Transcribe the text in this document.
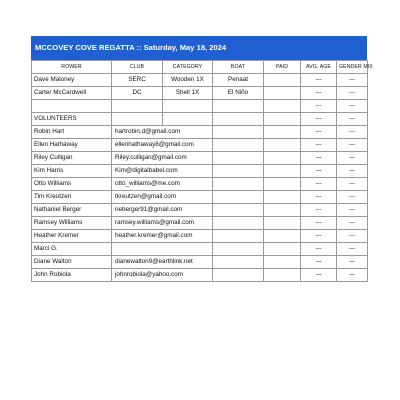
MCCOVEY COVE REGATTA :: Saturday, May 18, 2024
ROWER	CLUB	CATEGORY	BOAT	PAID	AVG. AGE	GENDER MIX
Dave Maloney	SERC	Wooden 1X	Penaat		---	---
Carter McCardwell	DC	Shell 1X	El Niño		---	---
					---	---
VOLUNTEERS					---	---
Robin Hart	hartrobin.d@gmail.com				---	---
Ellen Hathaway	ellenhathaway8@gmail.com				---	---
Riley Culligan	Riley.culligan@gmail.com				---	---
Kim Harris	Kim@digitalbabel.com				---	---
Otto Williams	otto_williams@me.com				---	---
Tim Kreutzen	tkreutzen@gmail.com				---	---
Nathaniel Berger	neberger91@gmail.com				---	---
Ramsey Williams	ramsey.williams@gmail.com				---	---
Heather Kremer	heather.kremer@gmail.com				---	---
Marci G.					---	---
Diane Walton	dianewalton9@earthlink.net				---	---
John Robiola	johnrobiola@yahoo.com				---	---
